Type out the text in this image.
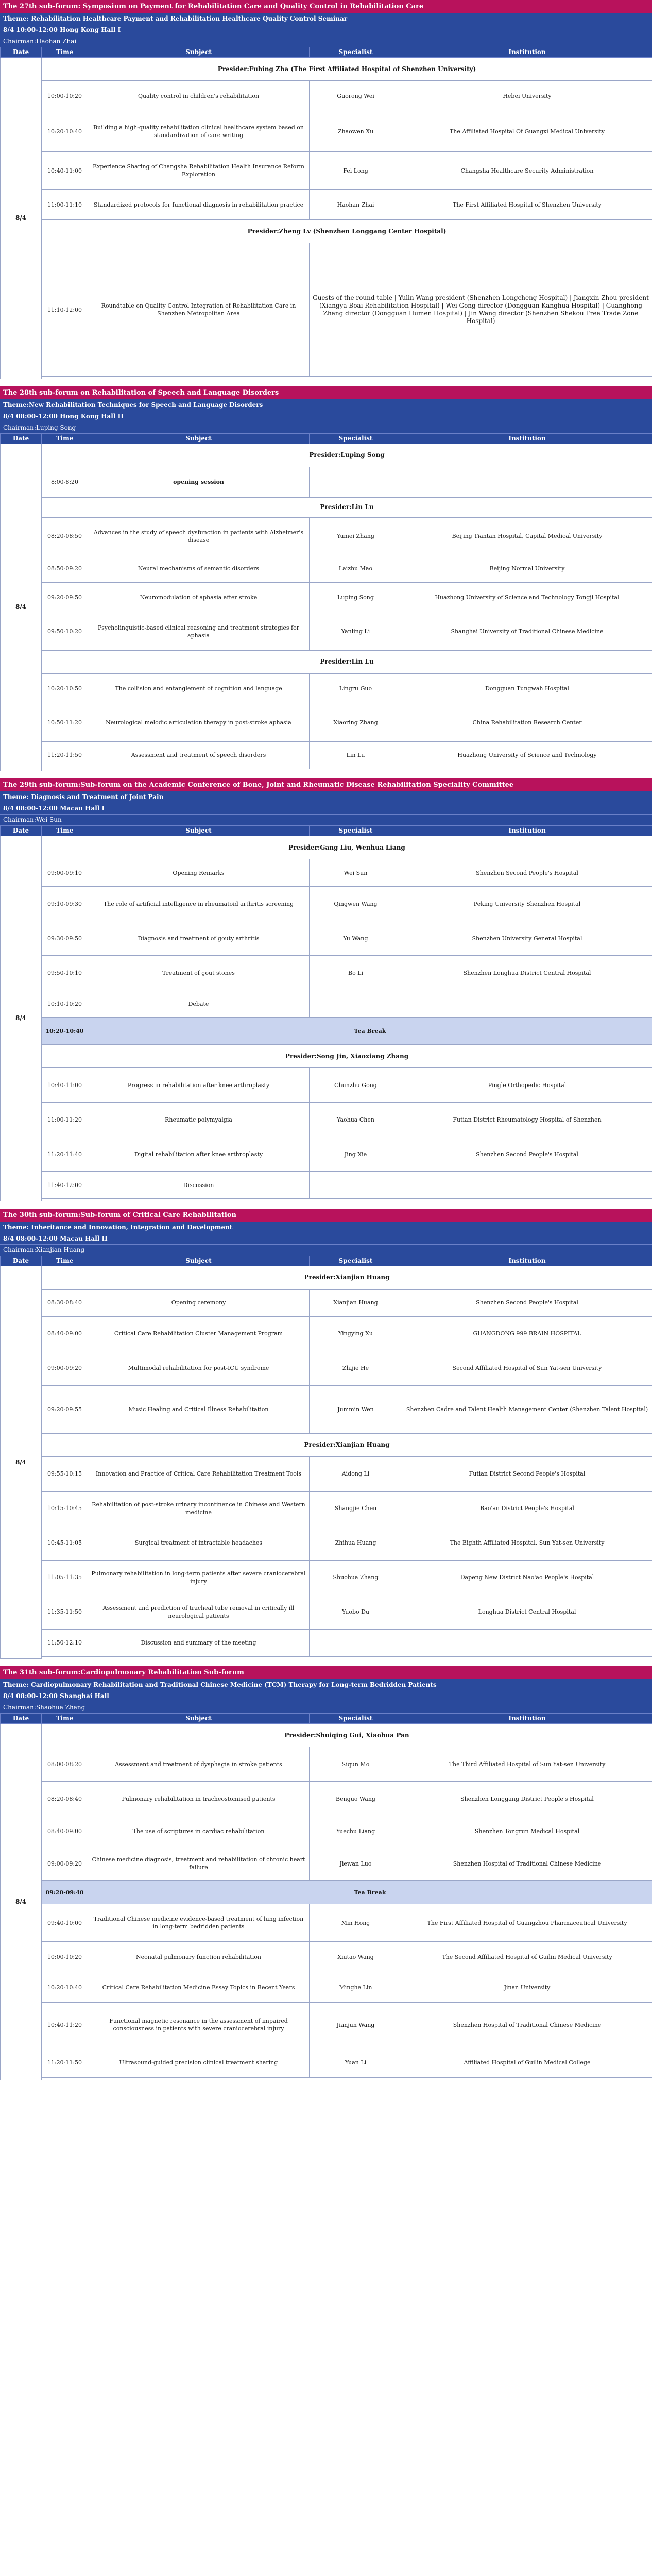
The 27th sub-forum: Symposium on Payment for Rehabilitation Care and Quality Control in Rehabilitation Care
Theme: Rehabilitation Healthcare Payment and Rehabilitation Healthcare Quality Control Seminar
8/4 10:00-12:00 Hong Kong Hall I
Chairman:Haohan Zhai
Date	Time	Subject	Specialist	Institution
8/4	Presider:Fubing Zha (The First Affiliated Hospital of Shenzhen University)			
	10:00-10:20	Quality control in children's rehabilitation	Guorong Wei	Hebei University
	10:20-10:40	Building a high-quality rehabilitation clinical healthcare system based on standardization of care writing	Zhaowen Xu	The Affiliated Hospital Of Guangxi Medical University
	10:40-11:00	Experience Sharing of Changsha Rehabilitation Health Insurance Reform Exploration	Fei Long	Changsha Healthcare Security Administration
	11:00-11:10	Standardized protocols for functional diagnosis in rehabilitation practice	Haohan Zhai	The First Affiliated Hospital of Shenzhen University
	Presider:Zheng Lv (Shenzhen Longgang Center Hospital)			
	11:10-12:00	Roundtable on Quality Control Integration of Rehabilitation Care in Shenzhen Metropolitan Area	Guests of the round table | Yulin Wang president (Shenzhen Longcheng Hospital) | Jiangxin Zhou president (Xiangya Boai Rehabilitation Hospital) | Wei Gong director (Dongguan Kanghua Hospital) | Guanghong Zhang director (Dongguan Humen Hospital) | Jin Wang director (Shenzhen Shekou Free Trade Zone Hospital)	

The 28th sub-forum on Rehabilitation of Speech and Language Disorders
Theme:New Rehabilitation Techniques for Speech and Language Disorders
8/4 08:00-12:00 Hong Kong Hall II
Chairman:Luping Song
Date	Time	Subject	Specialist	Institution
8/4	Presider:Luping Song			
	8:00-8:20	opening session		
	Presider:Lin Lu			
	08:20-08:50	Advances in the study of speech dysfunction in patients with Alzheimer's disease	Yumei Zhang	Beijing Tiantan Hospital, Capital Medical University
	08:50-09:20	Neural mechanisms of semantic disorders	Laizhu Mao	Beijing Normal University
	09:20-09:50	Neuromodulation of aphasia after stroke	Luping Song	Huazhong University of Science and Technology Tongji Hospital
	09:50-10:20	Psycholinguistic-based clinical reasoning and treatment strategies for aphasia	Yanling Li	Shanghai University of Traditional Chinese Medicine
	Presider:Lin Lu			
	10:20-10:50	The collision and entanglement of cognition and language	Lingru Guo	Dongguan Tungwah Hospital
	10:50-11:20	Neurological melodic articulation therapy in post-stroke aphasia	Xiaoring Zhang	China Rehabilitation Research Center
	11:20-11:50	Assessment and treatment of speech disorders	Lin Lu	Huazhong University of Science and Technology

The 29th sub-forum:Sub-forum on the Academic Conference of Bone, Joint and Rheumatic Disease Rehabilitation Speciality Committee
Theme: Diagnosis and Treatment of Joint Pain
8/4 08:00-12:00 Macau Hall I
Chairman:Wei Sun
Date	Time	Subject	Specialist	Institution
8/4	Presider:Gang Liu, Wenhua Liang			
	09:00-09:10	Opening Remarks	Wei Sun	Shenzhen Second People's Hospital
	09:10-09:30	The role of artificial intelligence in rheumatoid arthritis screening	Qingwen Wang	Peking University Shenzhen Hospital
	09:30-09:50	Diagnosis and treatment of gouty arthritis	Yu Wang	Shenzhen University General Hospital
	09:50-10:10	Treatment of gout stones	Bo Li	Shenzhen Longhua District Central Hospital
	10:10-10:20	Debate		
	10:20-10:40	Tea Break		
	Presider:Song Jin, Xiaoxiang Zhang			
	10:40-11:00	Progress in rehabilitation after knee arthroplasty	Chunzhu Gong	Pingle Orthopedic Hospital
	11:00-11:20	Rheumatic polymyalgia	Yaohua Chen	Futian District Rheumatology Hospital of Shenzhen
	11:20-11:40	Digital rehabilitation after knee arthroplasty	Jing Xie	Shenzhen Second People's Hospital
	11:40-12:00	Discussion		

The 30th sub-forum:Sub-forum of Critical Care Rehabilitation
Theme: Inheritance and Innovation, Integration and Development
8/4 08:00-12:00 Macau Hall II
Chairman:Xianjian Huang
Date	Time	Subject	Specialist	Institution
8/4	Presider:Xianjian Huang			
	08:30-08:40	Opening ceremony	Xianjian Huang	Shenzhen Second People's Hospital
	08:40-09:00	Critical Care Rehabilitation Cluster Management Program	Yingying Xu	GUANGDONG 999 BRAIN HOSPITAL
	09:00-09:20	Multimodal rehabilitation for post-ICU syndrome	Zhijie He	Second Affiliated Hospital of Sun Yat-sen University
	09:20-09:55	Music Healing and Critical Illness Rehabilitation	Jummin Wen	Shenzhen Cadre and Talent Health Management Center (Shenzhen Talent Hospital)
	Presider:Xianjian Huang			
	09:55-10:15	Innovation and Practice of Critical Care Rehabilitation Treatment Tools	Aidong Li	Futian District Second People's Hospital
	10:15-10:45	Rehabilitation of post-stroke urinary incontinence in Chinese and Western medicine	Shangjie Chen	Bao'an District People's Hospital
	10:45-11:05	Surgical treatment of intractable headaches	Zhihua Huang	The Eighth Affiliated Hospital, Sun Yat-sen University
	11:05-11:35	Pulmonary rehabilitation in long-term patients after severe craniocerebral injury	Shuohua Zhang	Dapeng New District Nao'ao People's Hospital
	11:35-11:50	Assessment and prediction of tracheal tube removal in critically ill neurological patients	Yuobo Du	Longhua District Central Hospital
	11:50-12:10	Discussion and summary of the meeting		

The 31th sub-forum:Cardiopulmonary Rehabilitation Sub-forum
Theme: Cardiopulmonary Rehabilitation and Traditional Chinese Medicine (TCM) Therapy for Long-term Bedridden Patients
8/4 08:00-12:00 Shanghai Hall
Chairman:Shaohua Zhang
Date	Time	Subject	Specialist	Institution
8/4	Presider:Shuiqing Gui, Xiaohua Pan			
	08:00-08:20	Assessment and treatment of dysphagia in stroke patients	Siqun Mo	The Third Affiliated Hospital of Sun Yat-sen University
	08:20-08:40	Pulmonary rehabilitation in tracheostomised patients	Benguo Wang	Shenzhen Longgang District People's Hospital
	08:40-09:00	The use of scriptures in cardiac rehabilitation	Yuechu Liang	Shenzhen Tongrun Medical Hospital
	09:00-09:20	Chinese medicine diagnosis, treatment and rehabilitation of chronic heart failure	Jiewan Luo	Shenzhen Hospital of Traditional Chinese Medicine
	09:20-09:40	Tea Break		
	09:40-10:00	Traditional Chinese medicine evidence-based treatment of lung infection in long-term bedridden patients	Min Hong	The First Affiliated Hospital of Guangzhou Pharmaceutical University
	10:00-10:20	Neonatal pulmonary function rehabilitation	Xiutao Wang	The Second Affiliated Hospital of Guilin Medical University
	10:20-10:40	Critical Care Rehabilitation Medicine Essay Topics in Recent Years	Minghe Lin	Jinan University
	10:40-11:20	Functional magnetic resonance in the assessment of impaired consciousness in patients with severe craniocerebral injury	Jianjun Wang	Shenzhen Hospital of Traditional Chinese Medicine
	11:20-11:50	Ultrasound-guided precision clinical treatment sharing	Yuan Li	Affiliated Hospital of Guilin Medical College
